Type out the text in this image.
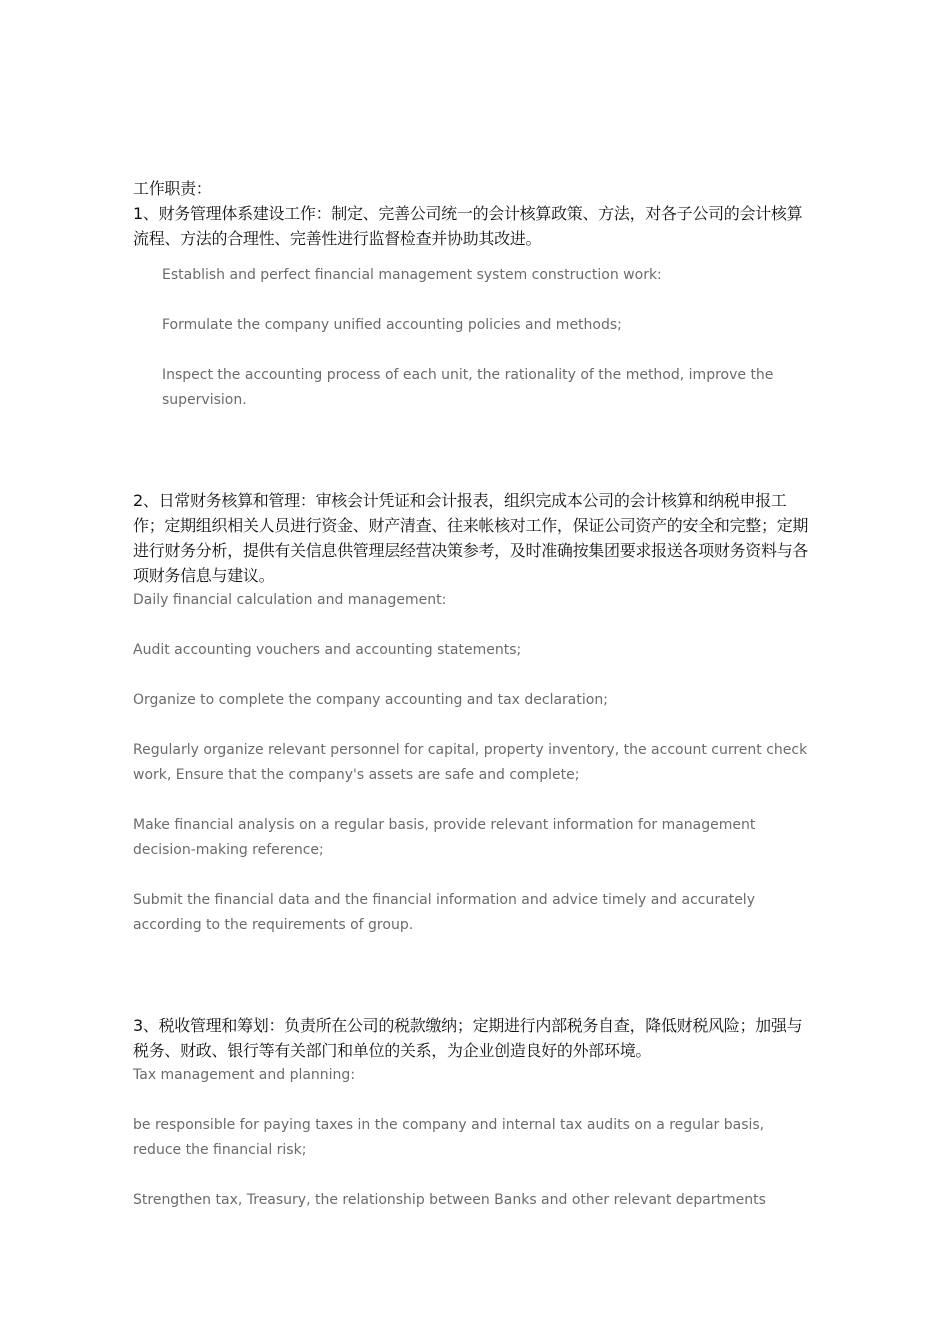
工作职责：

1、财务管理体系建设工作：制定、完善公司统一的会计核算政策、方法，对各子公司的会计核算流程、方法的合理性、完善性进行监督检查并协助其改进。

Establish and perfect financial management system construction work:

Formulate the company unified accounting policies and methods;

Inspect the accounting process of each unit, the rationality of the method, improve the supervision.

2、日常财务核算和管理：审核会计凭证和会计报表，组织完成本公司的会计核算和纳税申报工作；定期组织相关人员进行资金、财产清查、往来帐核对工作，保证公司资产的安全和完整；定期进行财务分析，提供有关信息供管理层经营决策参考，及时准确按集团要求报送各项财务资料与各项财务信息与建议。

Daily financial calculation and management:

Audit accounting vouchers and accounting statements;

Organize to complete the company accounting and tax declaration;

Regularly organize relevant personnel for capital, property inventory, the account current check work, Ensure that the company's assets are safe and complete;

Make financial analysis on a regular basis, provide relevant information for management decision-making reference;

Submit the financial data and the financial information and advice timely and accurately according to the requirements of group.

3、税收管理和筹划：负责所在公司的税款缴纳；定期进行内部税务自查，降低财税风险；加强与税务、财政、银行等有关部门和单位的关系，为企业创造良好的外部环境。

Tax management and planning:

be responsible for paying taxes in the company and internal tax audits on a regular basis, reduce the financial risk;

Strengthen tax, Treasury, the relationship between Banks and other relevant departments
